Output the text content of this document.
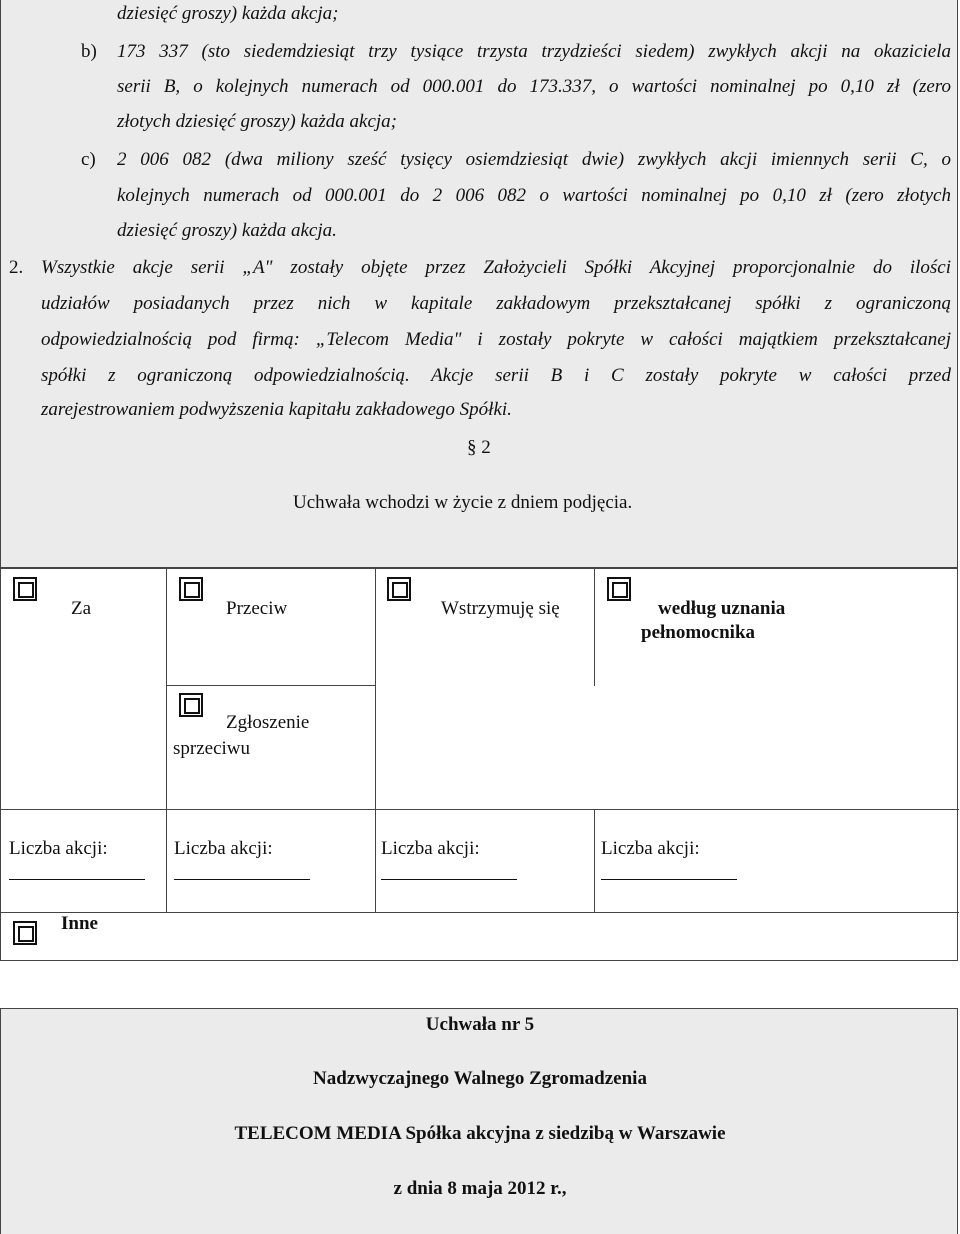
dziesięć groszy) każda akcja;
b) 173 337 (sto siedemdziesiąt trzy tysiące trzysta trzydzieści siedem) zwykłych akcji na okaziciela
serii B, o kolejnych numerach od 000.001 do 173.337, o wartości nominalnej po 0,10 zł (zero
złotych dziesięć groszy) każda akcja;
c) 2 006 082 (dwa miliony sześć tysięcy osiemdziesiąt dwie) zwykłych akcji imiennych serii C, o
kolejnych numerach od 000.001 do 2 006 082 o wartości nominalnej po 0,10 zł (zero złotych
dziesięć groszy) każda akcja.
2. Wszystkie akcje serii „A" zostały objęte przez Założycieli Spółki Akcyjnej proporcjonalnie do ilości
udziałów posiadanych przez nich w kapitale zakładowym przekształcanej spółki z ograniczoną
odpowiedzialnością pod firmą: „Telecom Media" i zostały pokryte w całości majątkiem przekształcanej
spółki z ograniczoną odpowiedzialnością. Akcje serii B i C zostały pokryte w całości przed
zarejestrowaniem podwyższenia kapitału zakładowego Spółki.
§ 2
Uchwała wchodzi w życie z dniem podjęcia.
Za	Przeciw	Wstrzymuję się	według uznania
pełnomocnika
Zgłoszenie
sprzeciwu
Liczba akcji:	Liczba akcji:	Liczba akcji:	Liczba akcji:
Inne
Uchwała nr 5
Nadzwyczajnego Walnego Zgromadzenia
TELECOM MEDIA Spółka akcyjna z siedzibą w Warszawie
z dnia 8 maja 2012 r.,
